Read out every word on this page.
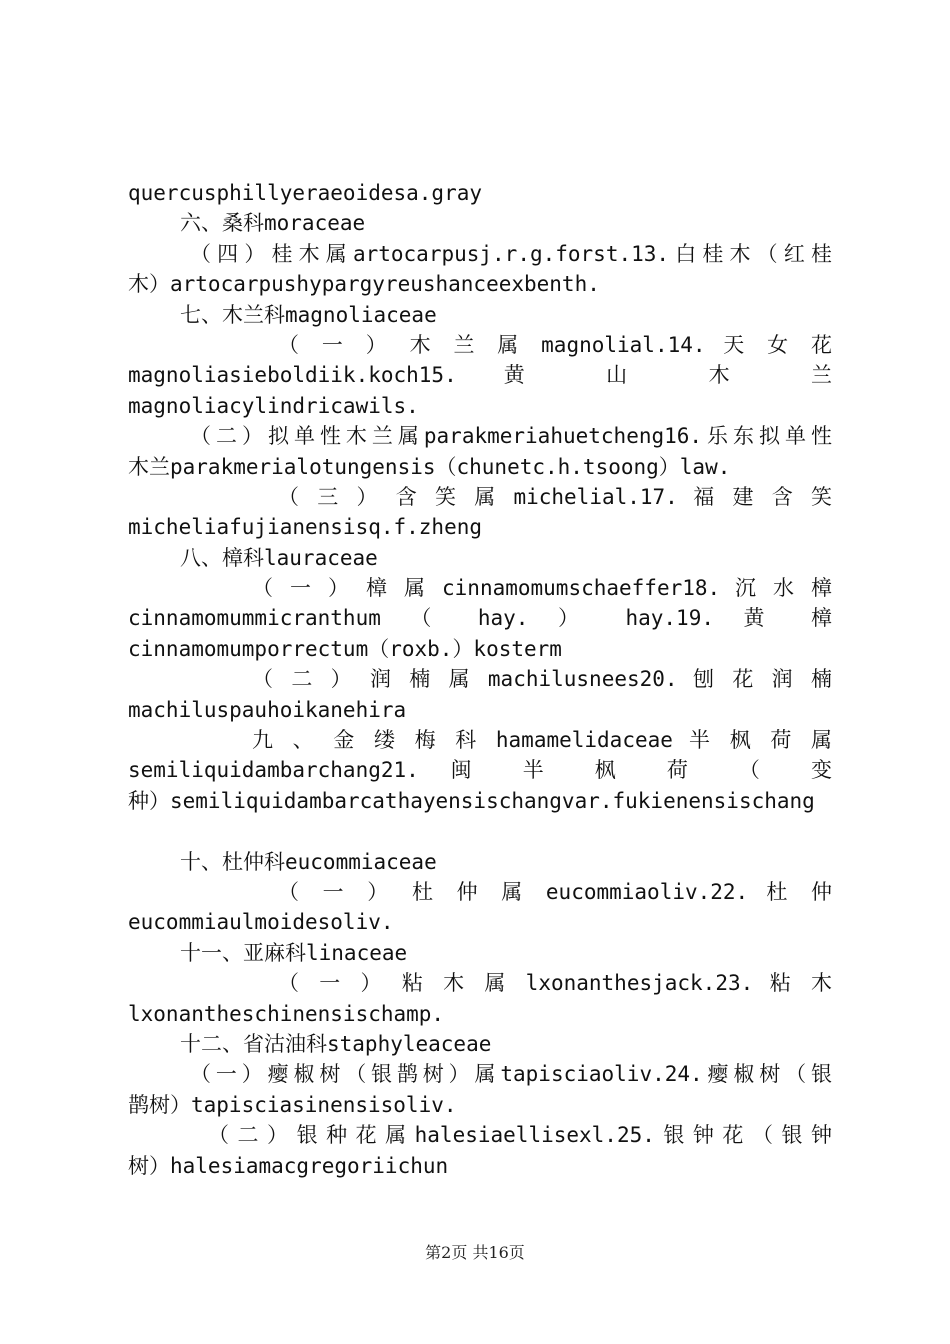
quercusphillyeraeoidesa.gray
六、桑科moraceae
（四）桂木属artocarpusj.r.g.forst.13.白桂木（红桂
木）artocarpushypargyreushanceexbenth.
七、木兰科magnoliaceae
（ 一 ） 木 兰 属 magnolial.14. 天 女 花
magnoliasieboldiik.koch15. 黄 山 木 兰
magnoliacylindricawils.
（二）拟单性木兰属parakmeriahuetcheng16.乐东拟单性
木兰parakmerialotungensis（chunetc.h.tsoong）law.
（ 三 ） 含 笑 属 michelial.17. 福 建 含 笑
micheliafujianensisq.f.zheng
八、樟科lauraceae
（ 一 ） 樟 属 cinnamomumschaeffer18. 沉 水 樟
cinnamomummicranthum （ hay. ） hay.19. 黄 樟
cinnamomumporrectum（roxb.）kosterm
（ 二 ） 润 楠 属 machilusnees20. 刨 花 润 楠
machiluspauhoikanehira
九 、 金 缕 梅 科 hamamelidaceae 半 枫 荷 属
semiliquidambarchang21. 闽 半 枫 荷 （ 变
种）semiliquidambarcathayensischangvar.fukienensischang
十、杜仲科eucommiaceae
（ 一 ） 杜 仲 属 eucommiaoliv.22. 杜 仲
eucommiaulmoidesoliv.
十一、亚麻科linaceae
（ 一 ） 粘 木 属 lxonanthesjack.23. 粘 木
lxonantheschinensischamp.
十二、省沽油科staphyleaceae
（一）瘿椒树（银鹊树）属tapisciaoliv.24.瘿椒树（银
鹊树）tapisciasinensisoliv.
（二）银种花属halesiaellisexl.25.银钟花（银钟
树）halesiamacgregoriichun
第2页 共16页
